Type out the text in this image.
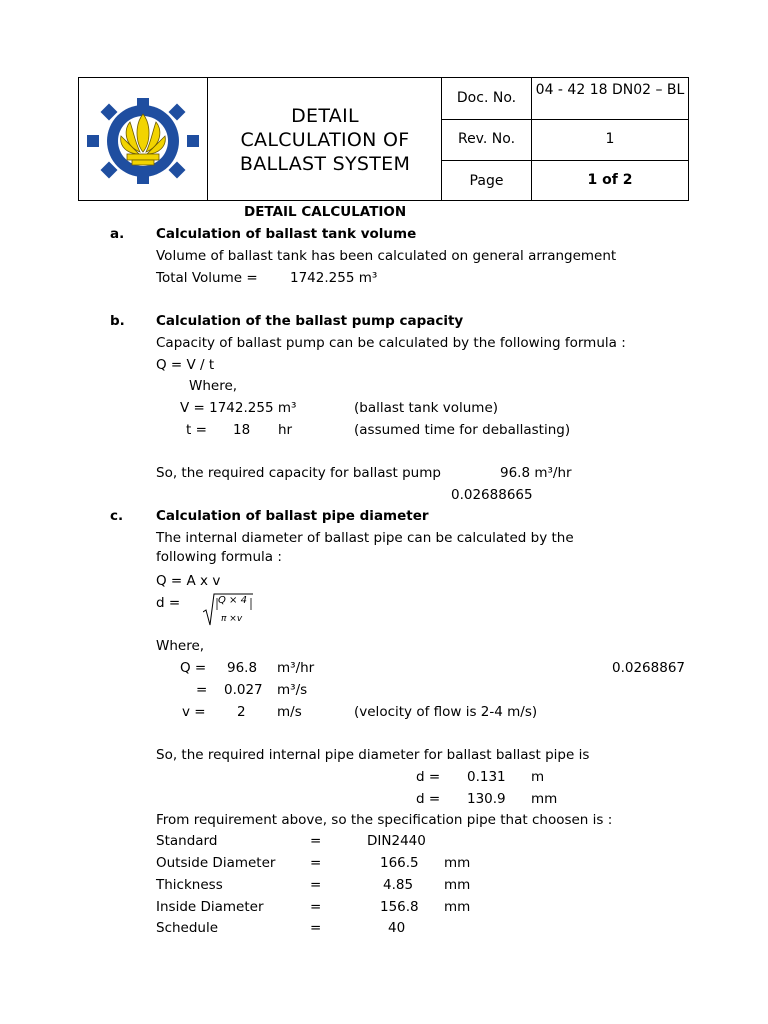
DETAIL
CALCULATION OF
BALLAST SYSTEM
Doc. No.	04 - 42 18 DN02 – BL
Rev. No.	1
Page	1 of 2
DETAIL CALCULATION
a. Calculation of ballast tank volume
Volume of ballast tank has been calculated on general arrangement
Total Volume = 1742.255 m³
b. Calculation of the ballast pump capacity
Capacity of ballast pump can be calculated by the following formula :
Q = V / t
Where,
V = 1742.255 m³	(ballast tank volume)
t = 18 hr	(assumed time for deballasting)
So, the required capacity for ballast pump	96.8 m³/hr
0.02688665
c. Calculation of ballast pipe diameter
The internal diameter of ballast pipe can be calculated by the
following formula :
Q = A x v
d =	Q × 4
π ×v
Where,
Q = 96.8 m³/hr	0.0268867
= 0.027 m³/s
v = 2 m/s	(velocity of flow is 2-4 m/s)
So, the required internal pipe diameter for ballast ballast pipe is
d = 0.131 m
d = 130.9 mm
From requirement above, so the specification pipe that choosen is :
Standard	=	DIN2440
Outside Diameter	=	166.5 mm
Thickness	=	4.85 mm
Inside Diameter	=	156.8 mm
Schedule	=	40
